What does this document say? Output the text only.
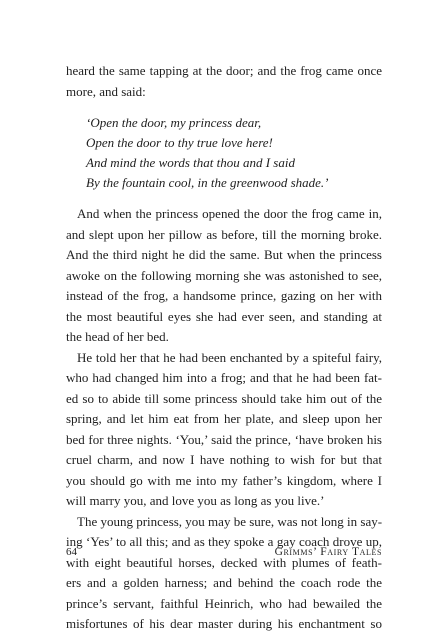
heard the same tapping at the door; and the frog came once
more, and said:
‘Open the door, my princess dear,
Open the door to thy true love here!
And mind the words that thou and I said
By the fountain cool, in the greenwood shade.’
And when the princess opened the door the frog came in,
and slept upon her pillow as before, till the morning broke.
And the third night he did the same. But when the princess
awoke on the following morning she was astonished to see,
instead of the frog, a handsome prince, gazing on her with
the most beautiful eyes she had ever seen, and standing at
the head of her bed.
He told her that he had been enchanted by a spiteful fairy,
who had changed him into a frog; and that he had been fat-
ed so to abide till some princess should take him out of the
spring, and let him eat from her plate, and sleep upon her
bed for three nights. ‘You,’ said the prince, ‘have broken his
cruel charm, and now I have nothing to wish for but that
you should go with me into my father’s kingdom, where I
will marry you, and love you as long as you live.’
The young princess, you may be sure, was not long in say-
ing ‘Yes’ to all this; and as they spoke a gay coach drove up,
with eight beautiful horses, decked with plumes of feath-
ers and a golden harness; and behind the coach rode the
prince’s servant, faithful Heinrich, who had bewailed the
misfortunes of his dear master during his enchantment so
64	Grimms’ Fairy Tales
